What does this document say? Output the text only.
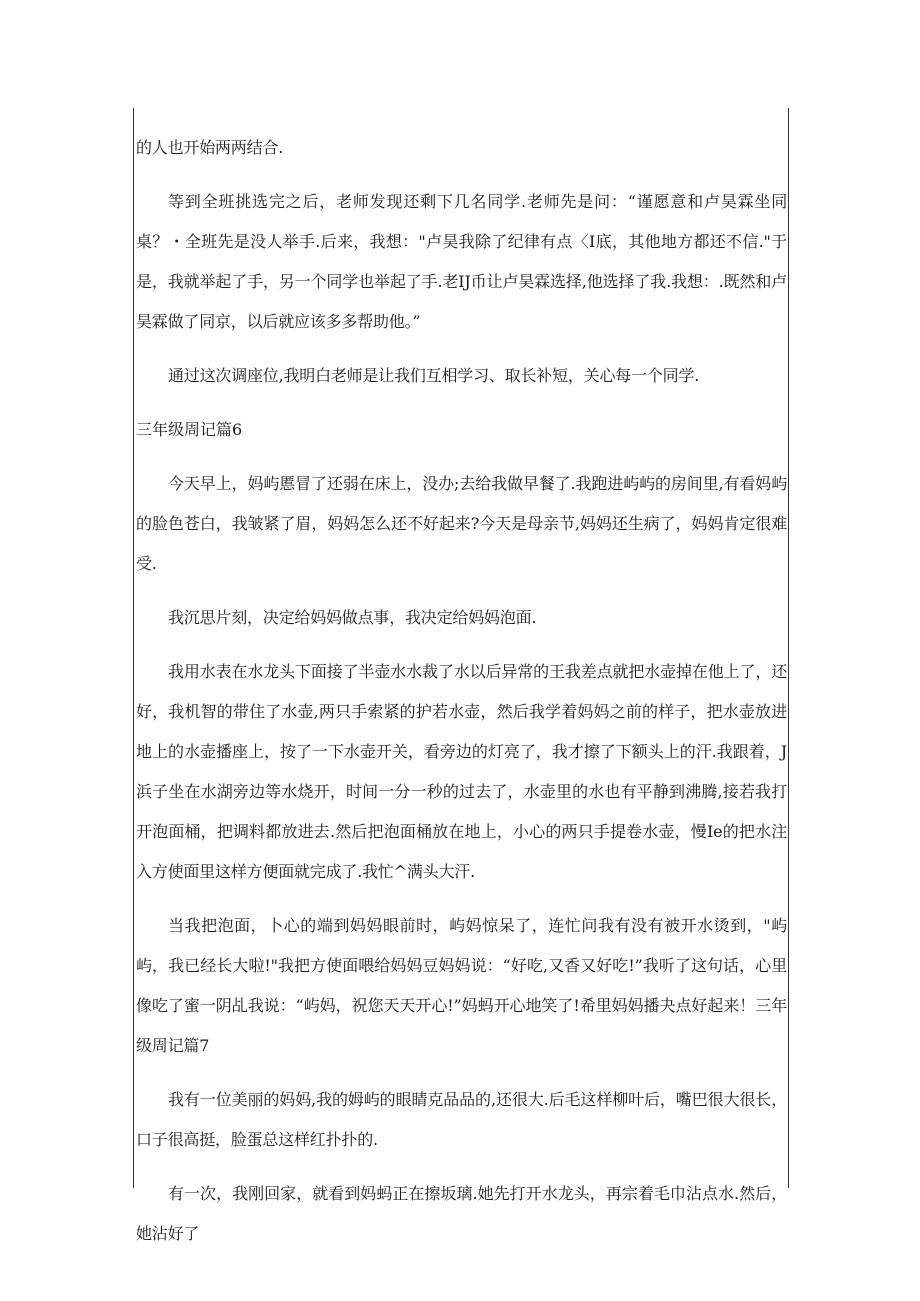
的人也开始两两结合.

等到全班挑选完之后，老师发现还剩下几名同学.老师先是问：“谨愿意和卢昊霖坐同桌？・全班先是没人举手.后来，我想："卢昊我除了纪律有点〈I底，其他地方都还不信."于是，我就举起了手，另一个同学也举起了手.老IJ币让卢昊霖选择,他选择了我.我想：.既然和卢昊霖做了同京，以后就应该多多帮助他。”

通过这次调座位,我明白老师是让我们互相学习、取长补短，关心每一个同学.

三年级周记篇6

今天早上，妈屿慝冒了还弱在床上，没办;去给我做早餐了.我跑进屿屿的房间里,有看妈屿的脸色苍白，我皱紧了眉，妈妈怎么还不好起来?今天是母亲节,妈妈还生病了，妈妈肯定很难受.

我沉思片刻，决定给妈妈做点事，我决定给妈妈泡面.

我用水表在水龙头下面接了半壶水水裁了水以后异常的王我差点就把水壶掉在他上了，还好，我机智的带住了水壶,两只手索紧的护若水壶，然后我学着妈妈之前的样子，把水壶放进地上的水壶播座上，按了一下水壶开关，看旁边的灯亮了，我才擦了下额头上的汗.我跟着，J浜子坐在水湖旁边等水烧开，时间一分一秒的过去了，水壶里的水也有平静到沸腾,接若我打开泡面桶，把调料都放进去.然后把泡面桶放在地上，小心的两只手提卷水壶，慢Ie的把水注入方使面里这样方便面就完成了.我忙^满头大汗.

当我把泡面，卜心的端到妈妈眼前时，屿妈惊呆了，连忙问我有没有被开水烫到，"屿屿，我已经长大啦!"我把方使面喂给妈妈豆妈妈说：“好吃,又香又好吃!”我听了这句话，心里像吃了蜜一阴乩我说：“屿妈，祝您天天开心!”妈蚂开心地笑了!希里妈妈播夬点好起来！三年级周记篇7

我有一位美丽的妈妈,我的姆屿的眼睛克品品的,还很大.后毛这样柳叶后，嘴巴很大很长，口子很高挺，脸蛋总这样红扑扑的.

有一次，我刚回家，就看到妈蚂正在擦坂璃.她先打开水龙头，再宗着毛巾沾点水.然后，她沾好了
